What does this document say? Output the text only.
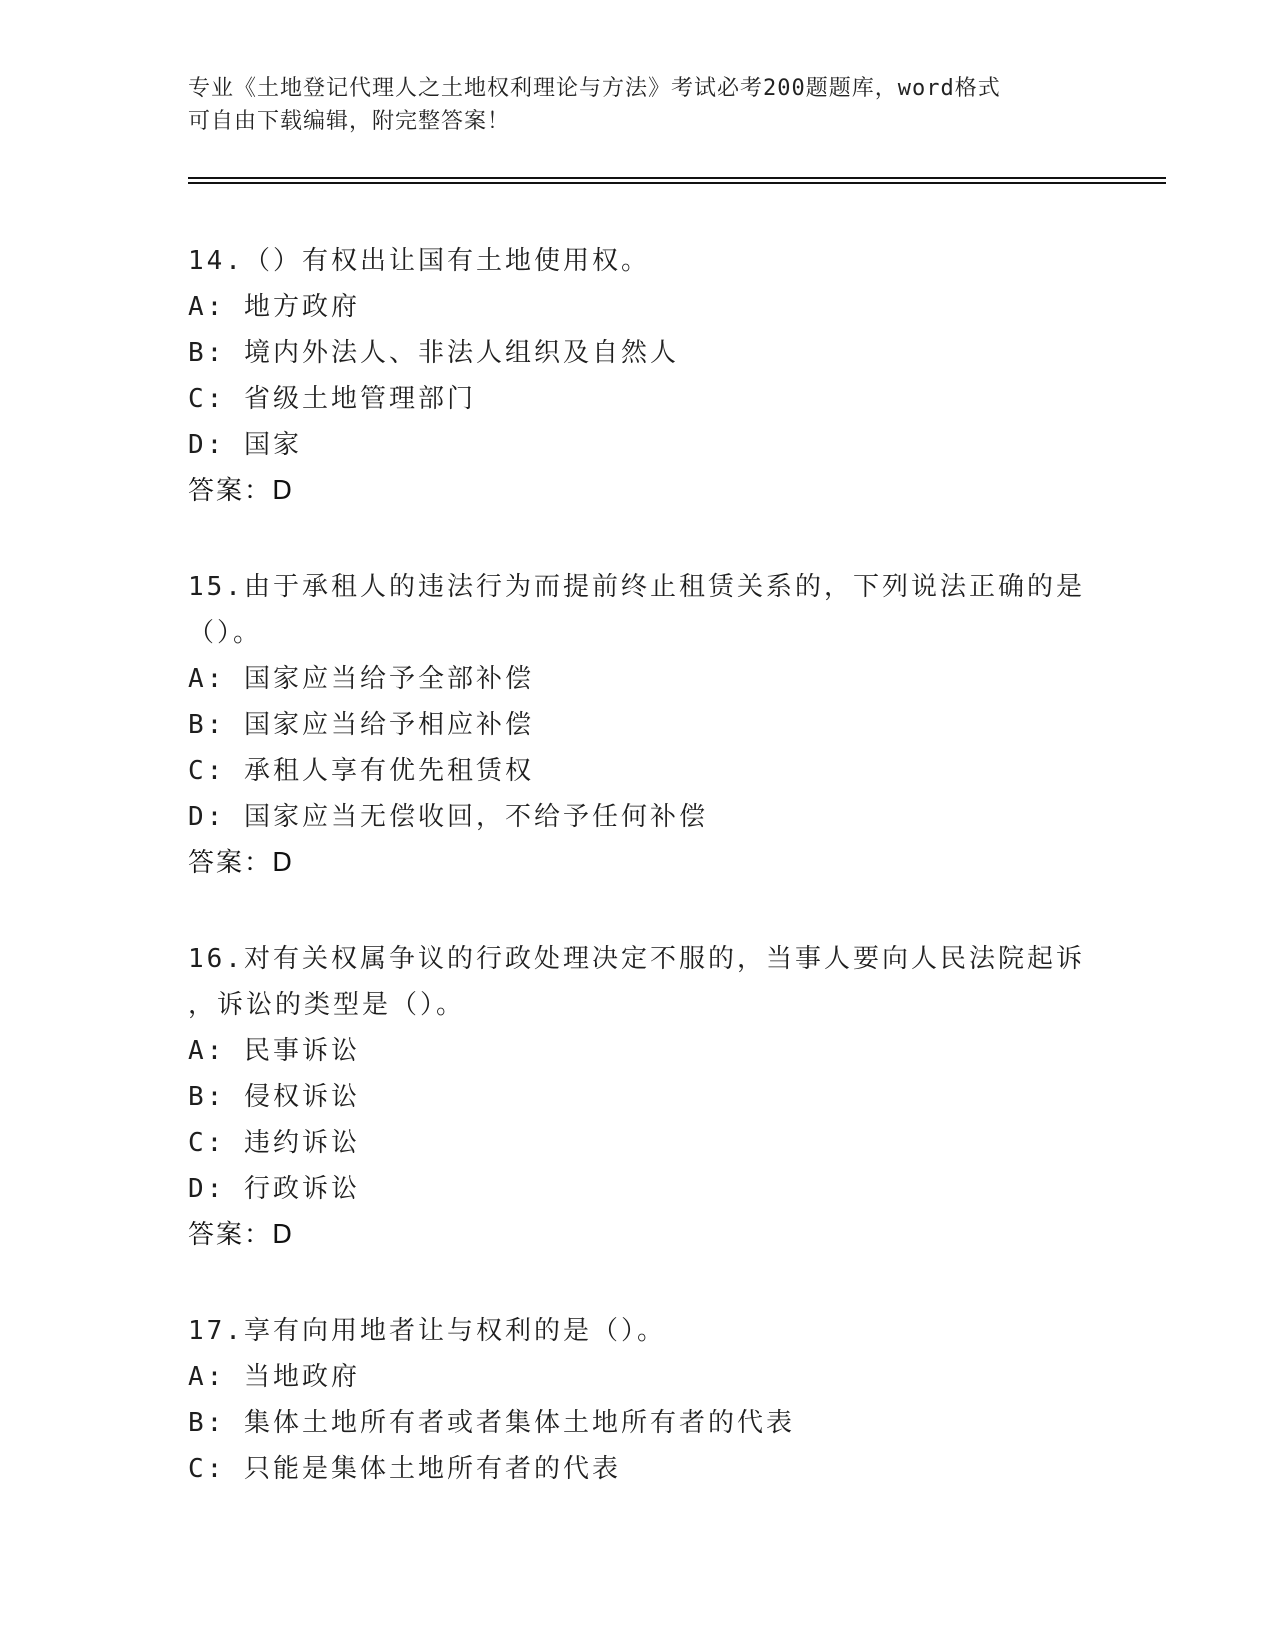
专业《土地登记代理人之土地权利理论与方法》考试必考200题题库，word格式
可自由下载编辑，附完整答案！
14.（）有权出让国有土地使用权。
A: 地方政府
B: 境内外法人、非法人组织及自然人
C: 省级土地管理部门
D: 国家
答案：D
15.由于承租人的违法行为而提前终止租赁关系的，下列说法正确的是
（）。
A: 国家应当给予全部补偿
B: 国家应当给予相应补偿
C: 承租人享有优先租赁权
D: 国家应当无偿收回，不给予任何补偿
答案：D
16.对有关权属争议的行政处理决定不服的，当事人要向人民法院起诉
，诉讼的类型是（）。
A: 民事诉讼
B: 侵权诉讼
C: 违约诉讼
D: 行政诉讼
答案：D
17.享有向用地者让与权利的是（）。
A: 当地政府
B: 集体土地所有者或者集体土地所有者的代表
C: 只能是集体土地所有者的代表
